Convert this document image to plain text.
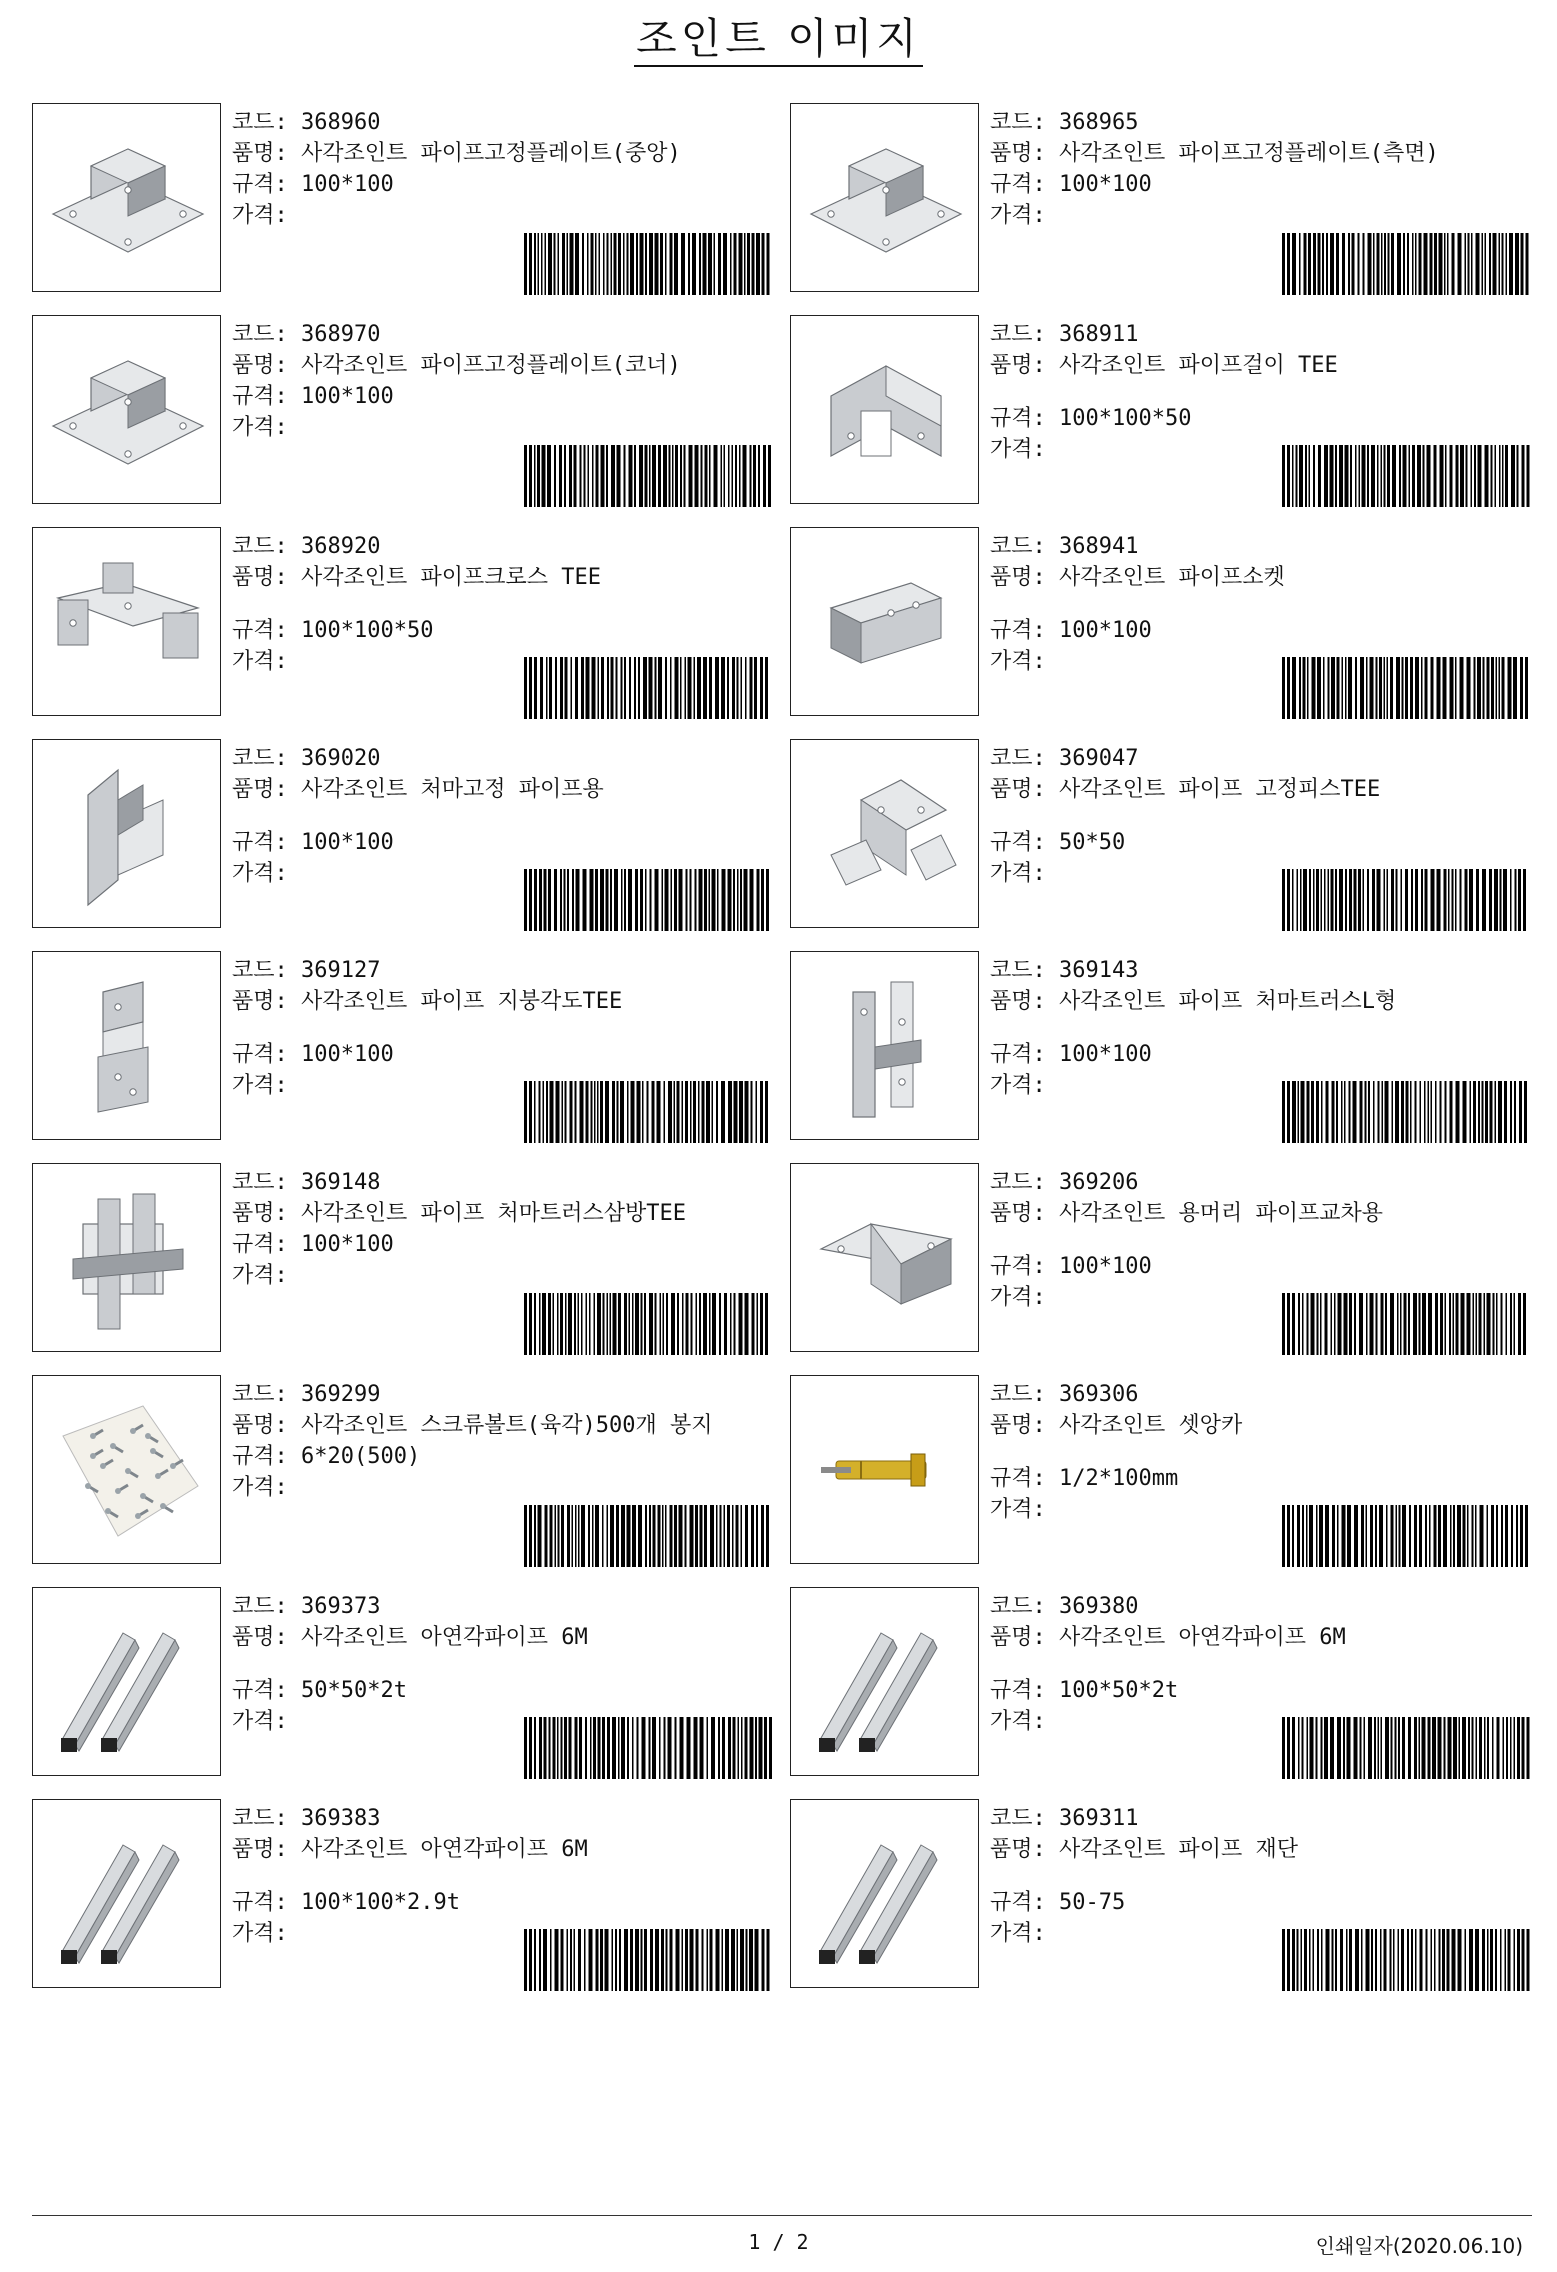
조인트 이미지
코드: 368960
품명: 사각조인트 파이프고정플레이트(중앙)
규격: 100*100
가격:
코드: 368965
품명: 사각조인트 파이프고정플레이트(측면)
규격: 100*100
가격:
코드: 368970
품명: 사각조인트 파이프고정플레이트(코너)
규격: 100*100
가격:
코드: 368911
품명: 사각조인트 파이프걸이 TEE
규격: 100*100*50
가격:
코드: 368920
품명: 사각조인트 파이프크로스 TEE
규격: 100*100*50
가격:
코드: 368941
품명: 사각조인트 파이프소켓
규격: 100*100
가격:
코드: 369020
품명: 사각조인트 처마고정 파이프용
규격: 100*100
가격:
코드: 369047
품명: 사각조인트 파이프 고정피스TEE
규격: 50*50
가격:
코드: 369127
품명: 사각조인트 파이프 지붕각도TEE
규격: 100*100
가격:
코드: 369143
품명: 사각조인트 파이프 처마트러스L형
규격: 100*100
가격:
코드: 369148
품명: 사각조인트 파이프 처마트러스삼방TEE
규격: 100*100
가격:
코드: 369206
품명: 사각조인트 용머리 파이프교차용
규격: 100*100
가격:
코드: 369299
품명: 사각조인트 스크류볼트(육각)500개 봉지
규격: 6*20(500)
가격:
코드: 369306
품명: 사각조인트 셋앙카
규격: 1/2*100mm
가격:
코드: 369373
품명: 사각조인트 아연각파이프 6M
규격: 50*50*2t
가격:
코드: 369380
품명: 사각조인트 아연각파이프 6M
규격: 100*50*2t
가격:
코드: 369383
품명: 사각조인트 아연각파이프 6M
규격: 100*100*2.9t
가격:
코드: 369311
품명: 사각조인트 파이프 재단
규격: 50-75
가격:
1 / 2	인쇄일자(2020.06.10)
